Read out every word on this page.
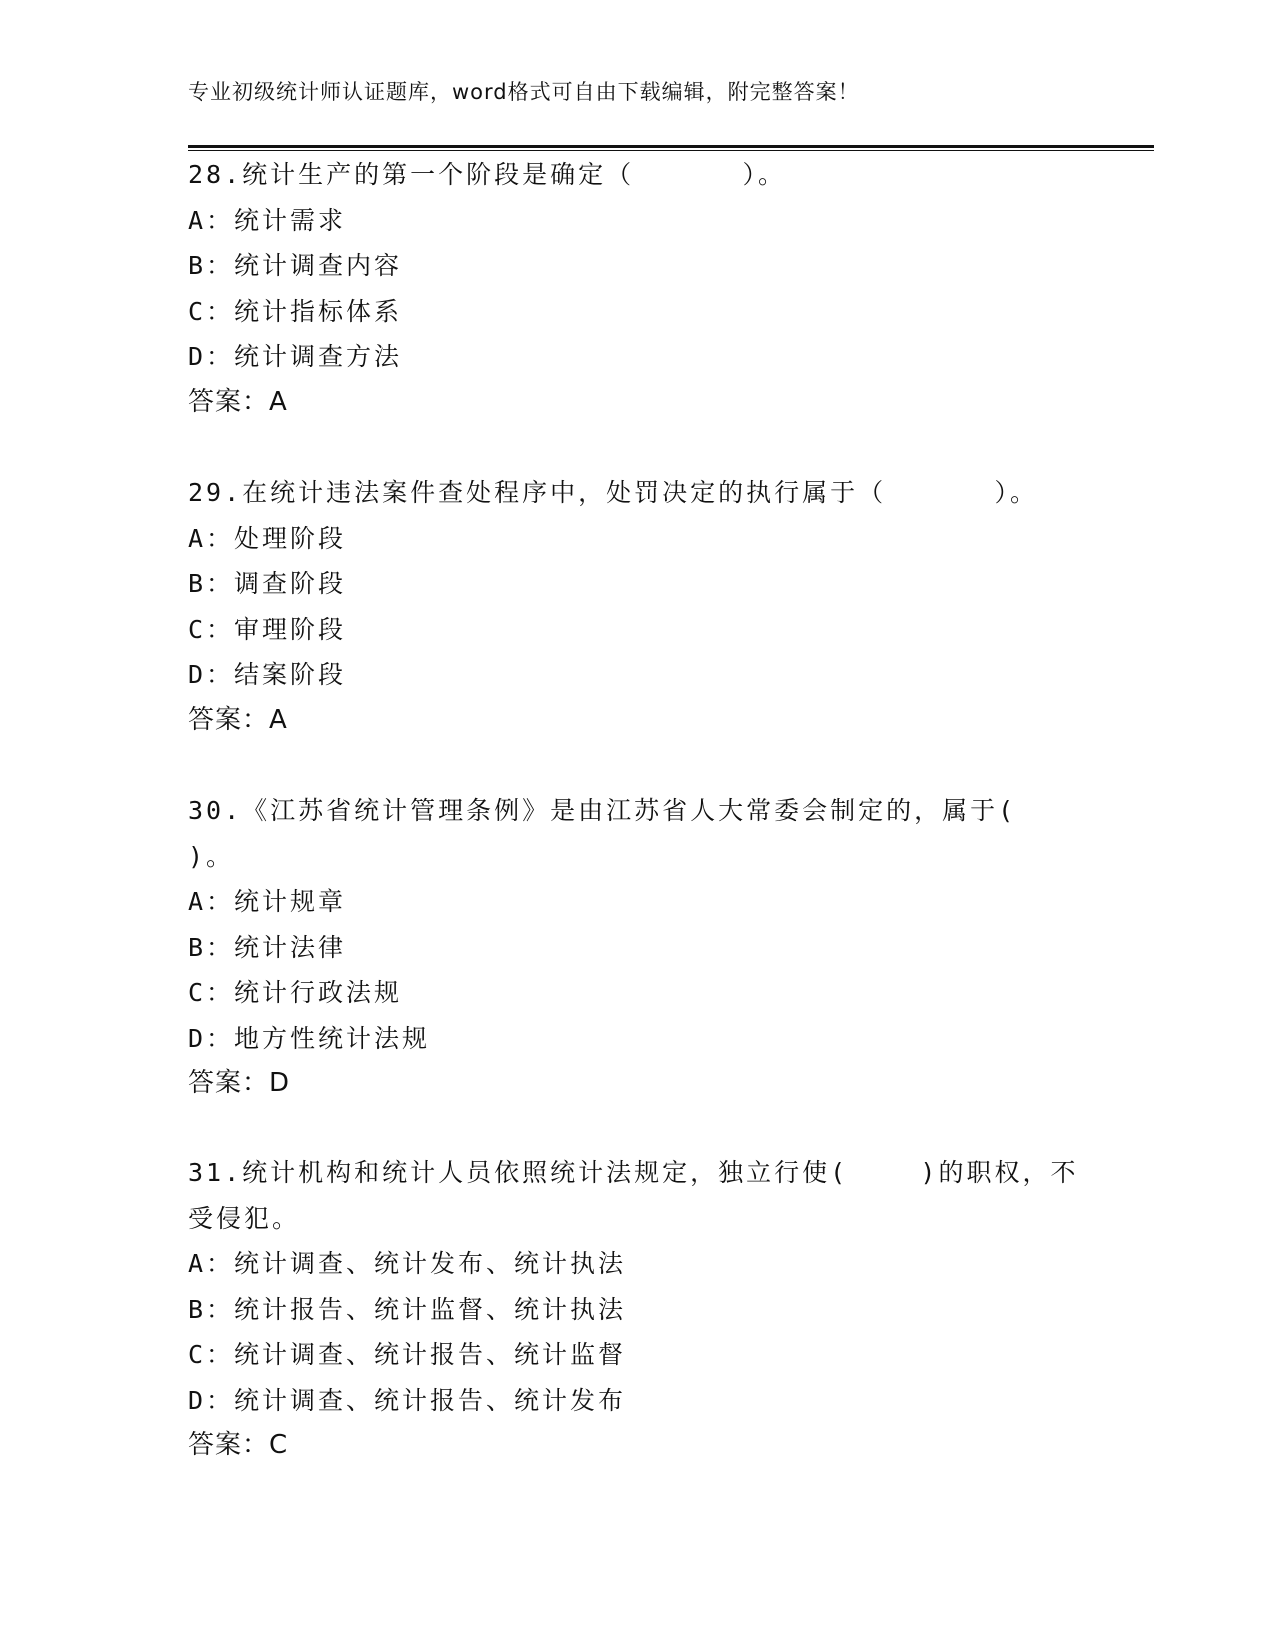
专业初级统计师认证题库，word格式可自由下载编辑，附完整答案！
28.统计生产的第一个阶段是确定（      ）。
A：统计需求
B：统计调查内容
C：统计指标体系
D：统计调查方法
答案：A
29.在统计违法案件查处程序中，处罚决定的执行属于（      ）。
A：处理阶段
B：调查阶段
C：审理阶段
D：结案阶段
答案：A
30.《江苏省统计管理条例》是由江苏省人大常委会制定的，属于(
)。
A：统计规章
B：统计法律
C：统计行政法规
D：地方性统计法规
答案：D
31.统计机构和统计人员依照统计法规定，独立行使(    )的职权，不
受侵犯。
A：统计调查、统计发布、统计执法
B：统计报告、统计监督、统计执法
C：统计调查、统计报告、统计监督
D：统计调查、统计报告、统计发布
答案：C
